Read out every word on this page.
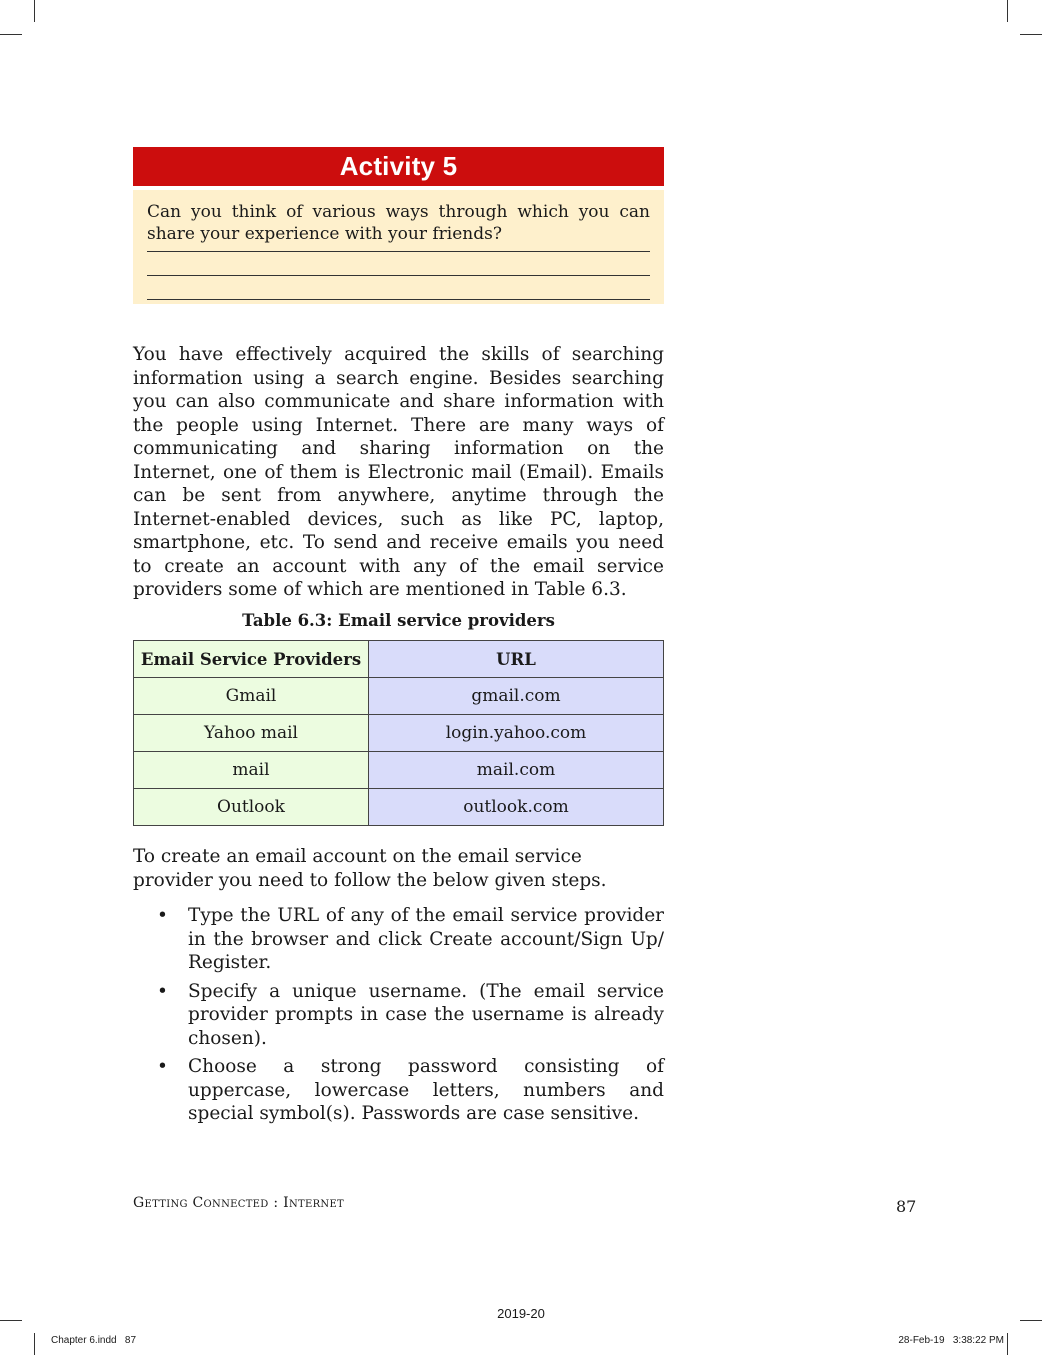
Activity 5
Can you think of various ways through which you can share your experience with your friends?

You have effectively acquired the skills of searching information using a search engine. Besides searching you can also communicate and share information with the people using Internet. There are many ways of communicating and sharing information on the Internet, one of them is Electronic mail (Email). Emails can be sent from anywhere, anytime through the Internet-enabled devices, such as like PC, laptop, smartphone, etc. To send and receive emails you need to create an account with any of the email service providers some of which are mentioned in Table 6.3.

Table 6.3: Email service providers
Email Service Providers	URL
Gmail	gmail.com
Yahoo mail	login.yahoo.com
mail	mail.com
Outlook	outlook.com

To create an email account on the email service provider you need to follow the below given steps.

• Type the URL of any of the email service provider in the browser and click Create account/Sign Up/ Register.
• Specify a unique username. (The email service provider prompts in case the username is already chosen).
• Choose a strong password consisting of uppercase, lowercase letters, numbers and special symbol(s). Passwords are case sensitive.
Getting Connected : Internet	87
2019-20
Chapter 6.indd   87	28-Feb-19   3:38:22 PM
